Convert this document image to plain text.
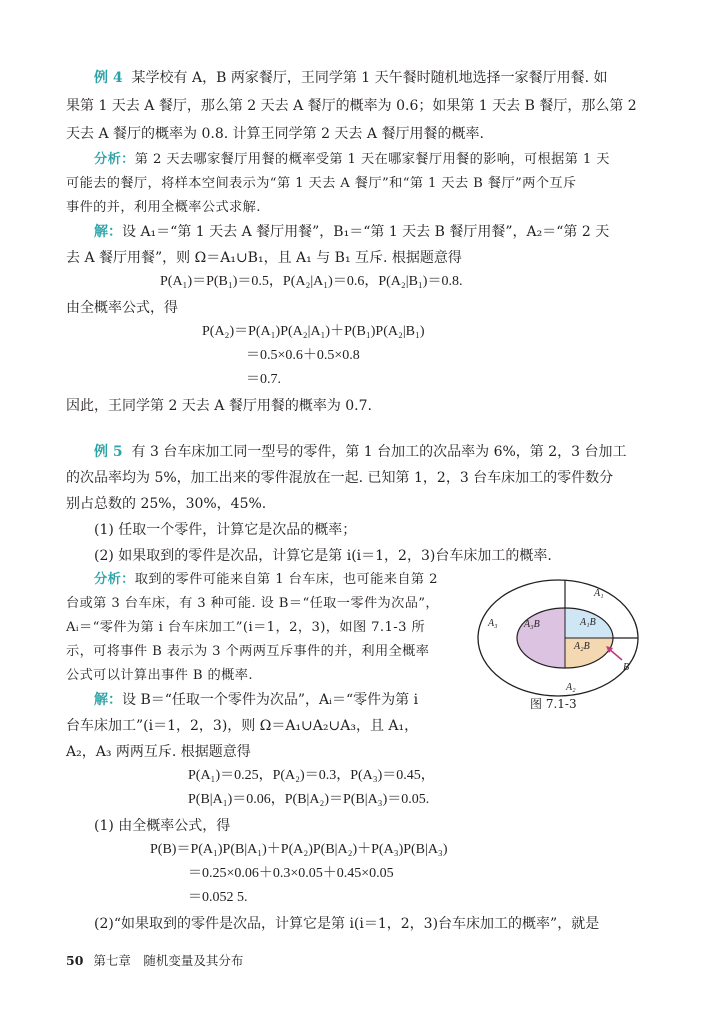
例 4 某学校有 A，B 两家餐厅，王同学第 1 天午餐时随机地选择一家餐厅用餐. 如
果第 1 天去 A 餐厅，那么第 2 天去 A 餐厅的概率为 0.6；如果第 1 天去 B 餐厅，那么第 2
天去 A 餐厅的概率为 0.8. 计算王同学第 2 天去 A 餐厅用餐的概率.
分析：第 2 天去哪家餐厅用餐的概率受第 1 天在哪家餐厅用餐的影响，可根据第 1 天
可能去的餐厅，将样本空间表示为“第 1 天去 A 餐厅”和“第 1 天去 B 餐厅”两个互斥
事件的并，利用全概率公式求解.
解：设 A₁＝“第 1 天去 A 餐厅用餐”，B₁＝“第 1 天去 B 餐厅用餐”，A₂＝“第 2 天
去 A 餐厅用餐”，则 Ω＝A₁∪B₁，且 A₁ 与 B₁ 互斥. 根据题意得
P(A₁)＝P(B₁)＝0.5，P(A₂|A₁)＝0.6，P(A₂|B₁)＝0.8.
由全概率公式，得
P(A₂)＝P(A₁)P(A₂|A₁)＋P(B₁)P(A₂|B₁)
＝0.5×0.6＋0.5×0.8
＝0.7.
因此，王同学第 2 天去 A 餐厅用餐的概率为 0.7.
例 5 有 3 台车床加工同一型号的零件，第 1 台加工的次品率为 6%，第 2，3 台加工
的次品率均为 5%，加工出来的零件混放在一起. 已知第 1，2，3 台车床加工的零件数分
别占总数的 25%，30%，45%.
(1) 任取一个零件，计算它是次品的概率；
(2) 如果取到的零件是次品，计算它是第 i(i＝1，2，3)台车床加工的概率.
分析：取到的零件可能来自第 1 台车床，也可能来自第 2
台或第 3 台车床，有 3 种可能. 设 B＝“任取一零件为次品”，
Aᵢ＝“零件为第 i 台车床加工”(i＝1，2，3)，如图 7.1-3 所
示，可将事件 B 表示为 3 个两两互斥事件的并，利用全概率
公式可以计算出事件 B 的概率.
解：设 B＝“任取一个零件为次品”，Aᵢ＝“零件为第 i
台车床加工”(i＝1，2，3)，则 Ω＝A₁∪A₂∪A₃，且 A₁，
A₂，A₃ 两两互斥. 根据题意得
P(A₁)＝0.25，P(A₂)＝0.3，P(A₃)＝0.45，
P(B|A₁)＝0.06，P(B|A₂)＝P(B|A₃)＝0.05.
(1) 由全概率公式，得
P(B)＝P(A₁)P(B|A₁)＋P(A₂)P(B|A₂)＋P(A₃)P(B|A₃)
＝0.25×0.06＋0.3×0.05＋0.45×0.05
＝0.052 5.
(2)“如果取到的零件是次品，计算它是第 i(i＝1，2，3)台车床加工的概率”，就是
A₁
A₃
A₂
A₁B
A₂B
A₃B
B
图 7.1-3
50 第七章　随机变量及其分布
